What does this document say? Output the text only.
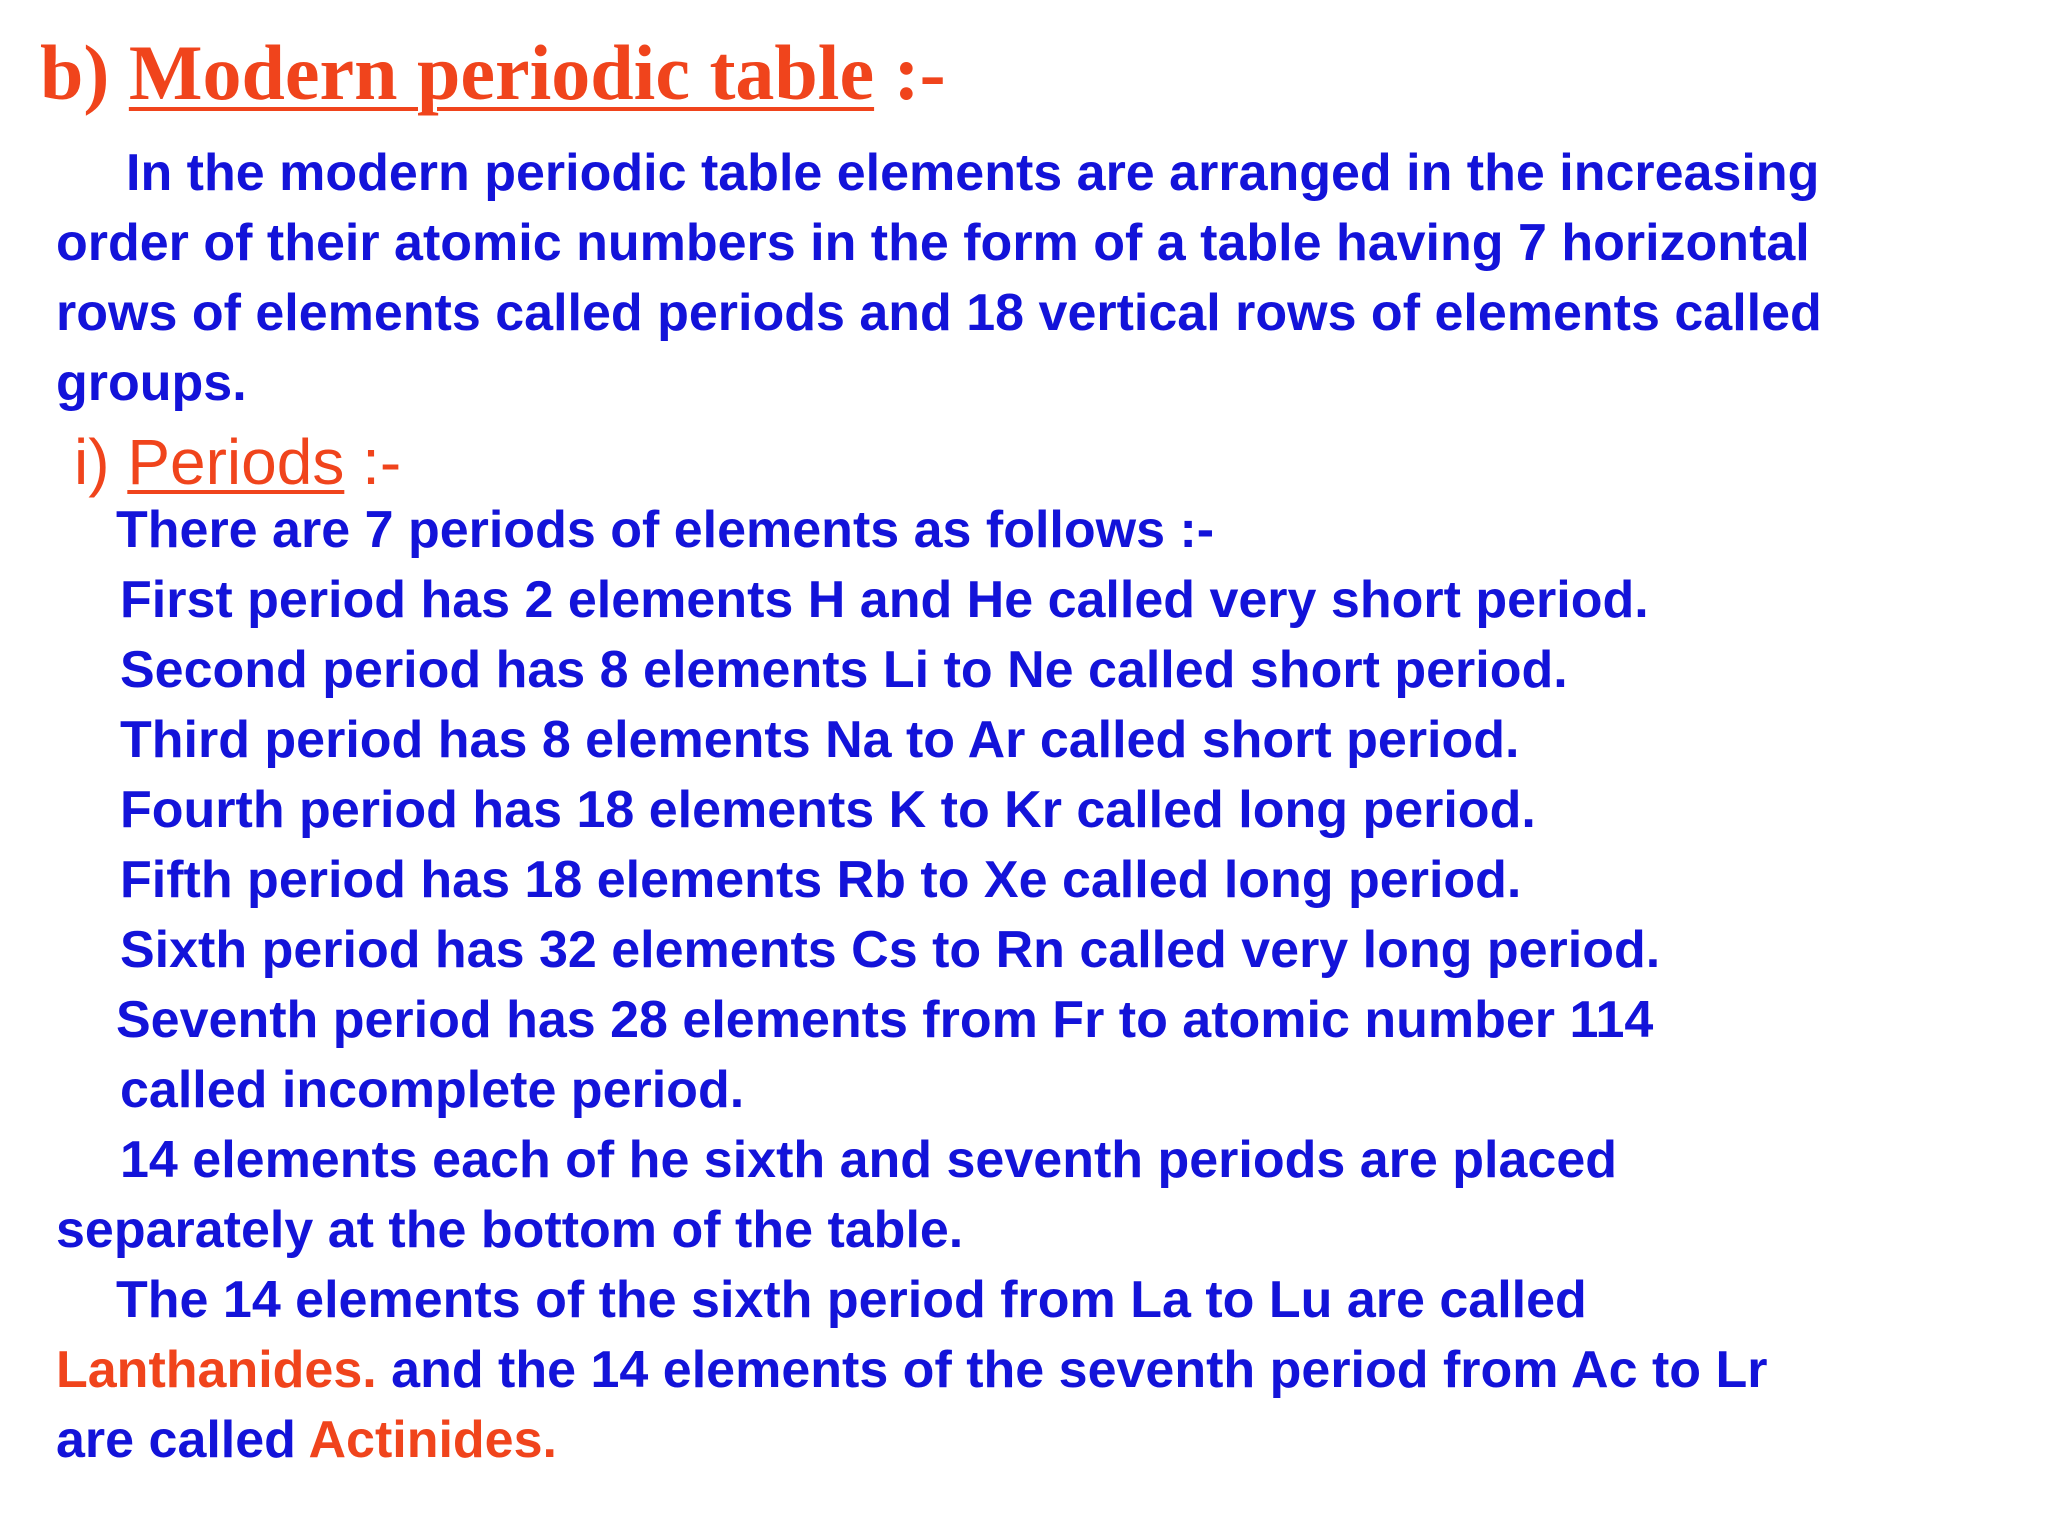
b) Modern periodic table :-
In the modern periodic table elements are arranged in the increasing
order of their atomic numbers in the form of a table having 7 horizontal
rows of elements called periods and 18 vertical rows of elements called
groups.
i) Periods :-
There are 7 periods of elements as follows :-
First period has 2 elements H and He called very short period.
Second period has 8 elements Li to Ne called short period.
Third period has 8 elements Na to Ar called short period.
Fourth period has 18 elements K to Kr called long period.
Fifth period has 18 elements Rb to Xe called long period.
Sixth period has 32 elements Cs to Rn called very long period.
Seventh period has 28 elements from Fr to atomic number 114
called incomplete period.
14 elements each of he sixth and seventh periods are placed
separately at the bottom of the table.
The 14 elements of the sixth period from La to Lu are called
Lanthanides. and the 14 elements of the seventh period from Ac to Lr
are called Actinides.
